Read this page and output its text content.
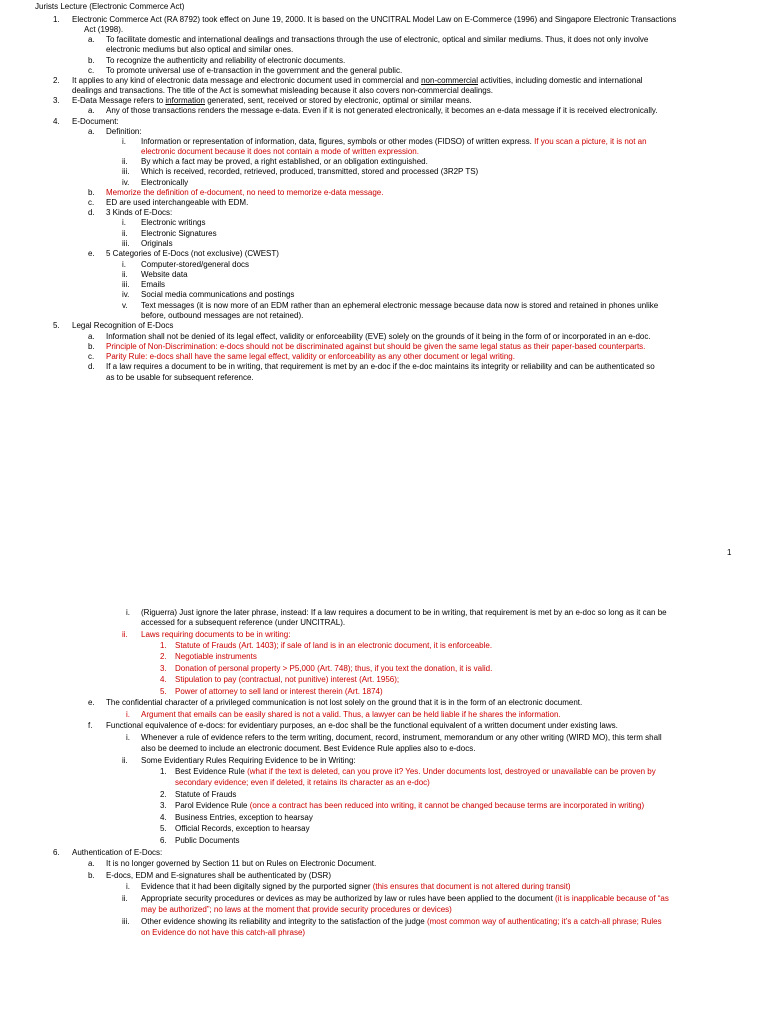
Jurists Lecture (Electronic Commerce Act)
1. Electronic Commerce Act (RA 8792) took effect on June 19, 2000. It is based on the UNCITRAL Model Law on E-Commerce (1996) and Singapore Electronic Transactions
Act (1998).
a. To facilitate domestic and international dealings and transactions through the use of electronic, optical and similar mediums. Thus, it does not only involve
electronic mediums but also optical and similar ones.
b. To recognize the authenticity and reliability of electronic documents.
c. To promote universal use of e-transaction in the government and the general public.
2. It applies to any kind of electronic data message and electronic document used in commercial and non-commercial activities, including domestic and international
dealings and transactions. The title of the Act is somewhat misleading because it also covers non-commercial dealings.
3. E-Data Message refers to information generated, sent, received or stored by electronic, optimal or similar means.
a. Any of those transactions renders the message e-data. Even if it is not generated electronically, it becomes an e-data message if it is received electronically.
4. E-Document:
a. Definition:
i. Information or representation of information, data, figures, symbols or other modes (FIDSO) of written express. If you scan a picture, it is not an
electronic document because it does not contain a mode of written expression.
ii. By which a fact may be proved, a right established, or an obligation extinguished.
iii. Which is received, recorded, retrieved, produced, transmitted, stored and processed (3R2P TS)
iv. Electronically
b. Memorize the definition of e-document, no need to memorize e-data message.
c. ED are used interchangeable with EDM.
d. 3 Kinds of E-Docs:
i. Electronic writings
ii. Electronic Signatures
iii. Originals
e. 5 Categories of E-Docs (not exclusive) (CWEST)
i. Computer-stored/general docs
ii. Website data
iii. Emails
iv. Social media communications and postings
v. Text messages (it is now more of an EDM rather than an ephemeral electronic message because data now is stored and retained in phones unlike
before, outbound messages are not retained).
5. Legal Recognition of E-Docs
a. Information shall not be denied of its legal effect, validity or enforceability (EVE) solely on the grounds of it being in the form of or incorporated in an e-doc.
b. Principle of Non-Discrimination: e-docs should not be discriminated against but should be given the same legal status as their paper-based counterparts.
c. Parity Rule: e-docs shall have the same legal effect, validity or enforceability as any other document or legal writing.
d. If a law requires a document to be in writing, that requirement is met by an e-doc if the e-doc maintains its integrity or reliability and can be authenticated so
as to be usable for subsequent reference.
i. (Riguerra) Just ignore the later phrase, instead: If a law requires a document to be in writing, that requirement is met by an e-doc so long as it can be
accessed for a subsequent reference (under UNCITRAL).
ii. Laws requiring documents to be in writing:
1. Statute of Frauds (Art. 1403); if sale of land is in an electronic document, it is enforceable.
2. Negotiable instruments
3. Donation of personal property > P5,000 (Art. 748); thus, if you text the donation, it is valid.
4. Stipulation to pay (contractual, not punitive) interest (Art. 1956);
5. Power of attorney to sell land or interest therein (Art. 1874)
e. The confidential character of a privileged communication is not lost solely on the ground that it is in the form of an electronic document.
i. Argument that emails can be easily shared is not a valid. Thus, a lawyer can be held liable if he shares the information.
f. Functional equivalence of e-docs: for evidentiary purposes, an e-doc shall be the functional equivalent of a written document under existing laws.
i. Whenever a rule of evidence refers to the term writing, document, record, instrument, memorandum or any other writing (WIRD MO), this term shall
also be deemed to include an electronic document. Best Evidence Rule applies also to e-docs.
ii. Some Evidentiary Rules Requiring Evidence to be in Writing:
1. Best Evidence Rule (what if the text is deleted, can you prove it? Yes. Under documents lost, destroyed or unavailable can be proven by
secondary evidence; even if deleted, it retains its character as an e-doc)
2. Statute of Frauds
3. Parol Evidence Rule (once a contract has been reduced into writing, it cannot be changed because terms are incorporated in writing)
4. Business Entries, exception to hearsay
5. Official Records, exception to hearsay
6. Public Documents
6. Authentication of E-Docs:
a. It is no longer governed by Section 11 but on Rules on Electronic Document.
b. E-docs, EDM and E-signatures shall be authenticated by (DSR)
i. Evidence that it had been digitally signed by the purported signer (this ensures that document is not altered during transit)
ii. Appropriate security procedures or devices as may be authorized by law or rules have been applied to the document (it is inapplicable because of “as
may be authorized”; no laws at the moment that provide security procedures or devices)
iii. Other evidence showing its reliability and integrity to the satisfaction of the judge (most common way of authenticating; it’s a catch-all phrase; Rules
on Evidence do not have this catch-all phrase)
1
